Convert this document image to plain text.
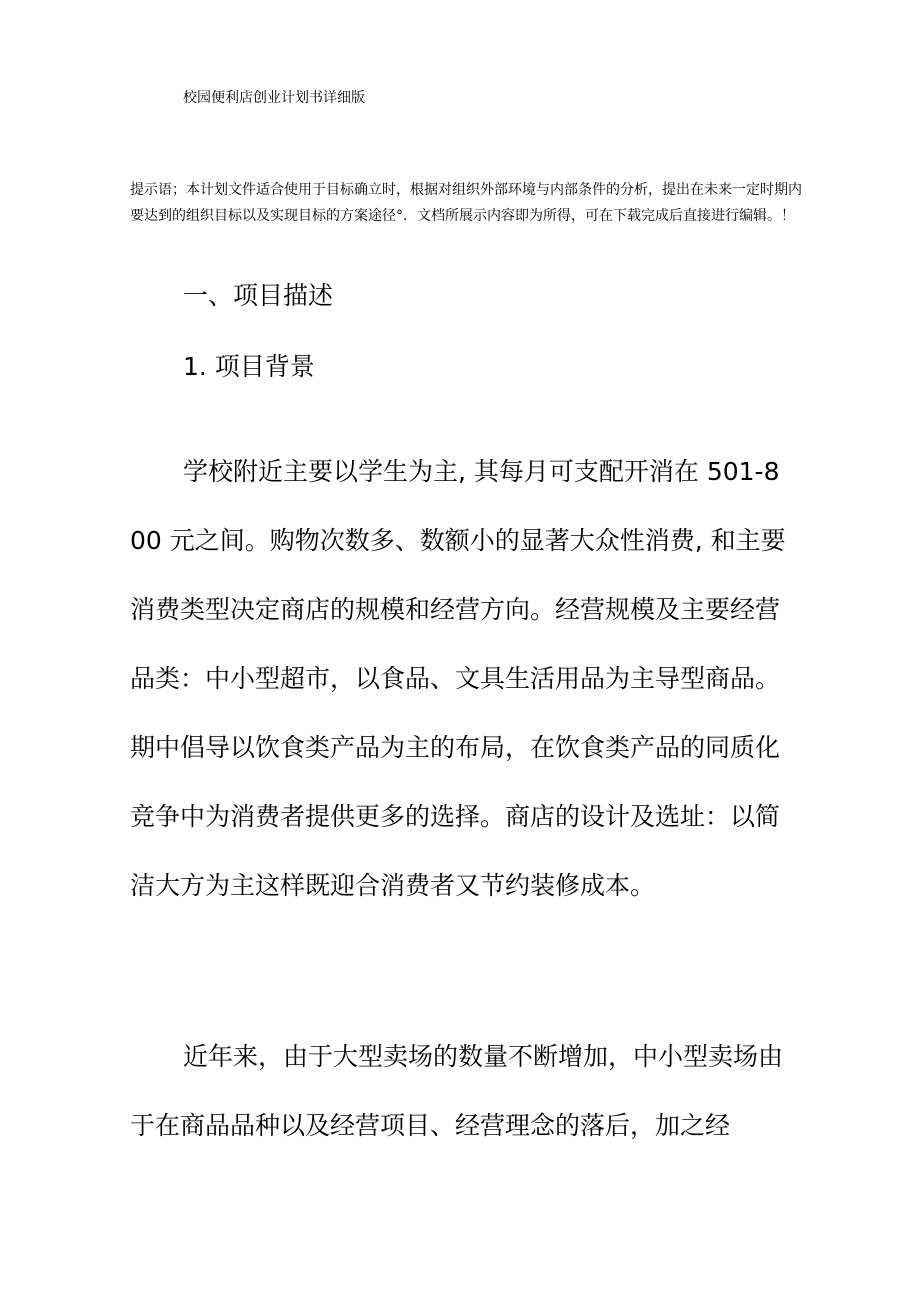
校园便利店创业计划书详细版

提示语；本计划文件适合使用于目标确立时，根据对组织外部环境与内部条件的分析，提出在未来一定时期内要达到的组织目标以及实现目标的方案途径°．文档所展示内容即为所得，可在下载完成后直接进行编辑。！

一、项目描述
1. 项目背景

学校附近主要以学生为主, 其每月可支配开消在 501-800 元之间。购物次数多、数额小的显著大众性消费, 和主要消费类型决定商店的规模和经营方向。经营规模及主要经营品类：中小型超市，以食品、文具生活用品为主导型商品。期中倡导以饮食类产品为主的布局，在饮食类产品的同质化竞争中为消费者提供更多的选择。商店的设计及选址：以简洁大方为主这样既迎合消费者又节约装修成本。

近年来，由于大型卖场的数量不断增加，中小型卖场由于在商品品种以及经营项目、经营理念的落后，加之经
